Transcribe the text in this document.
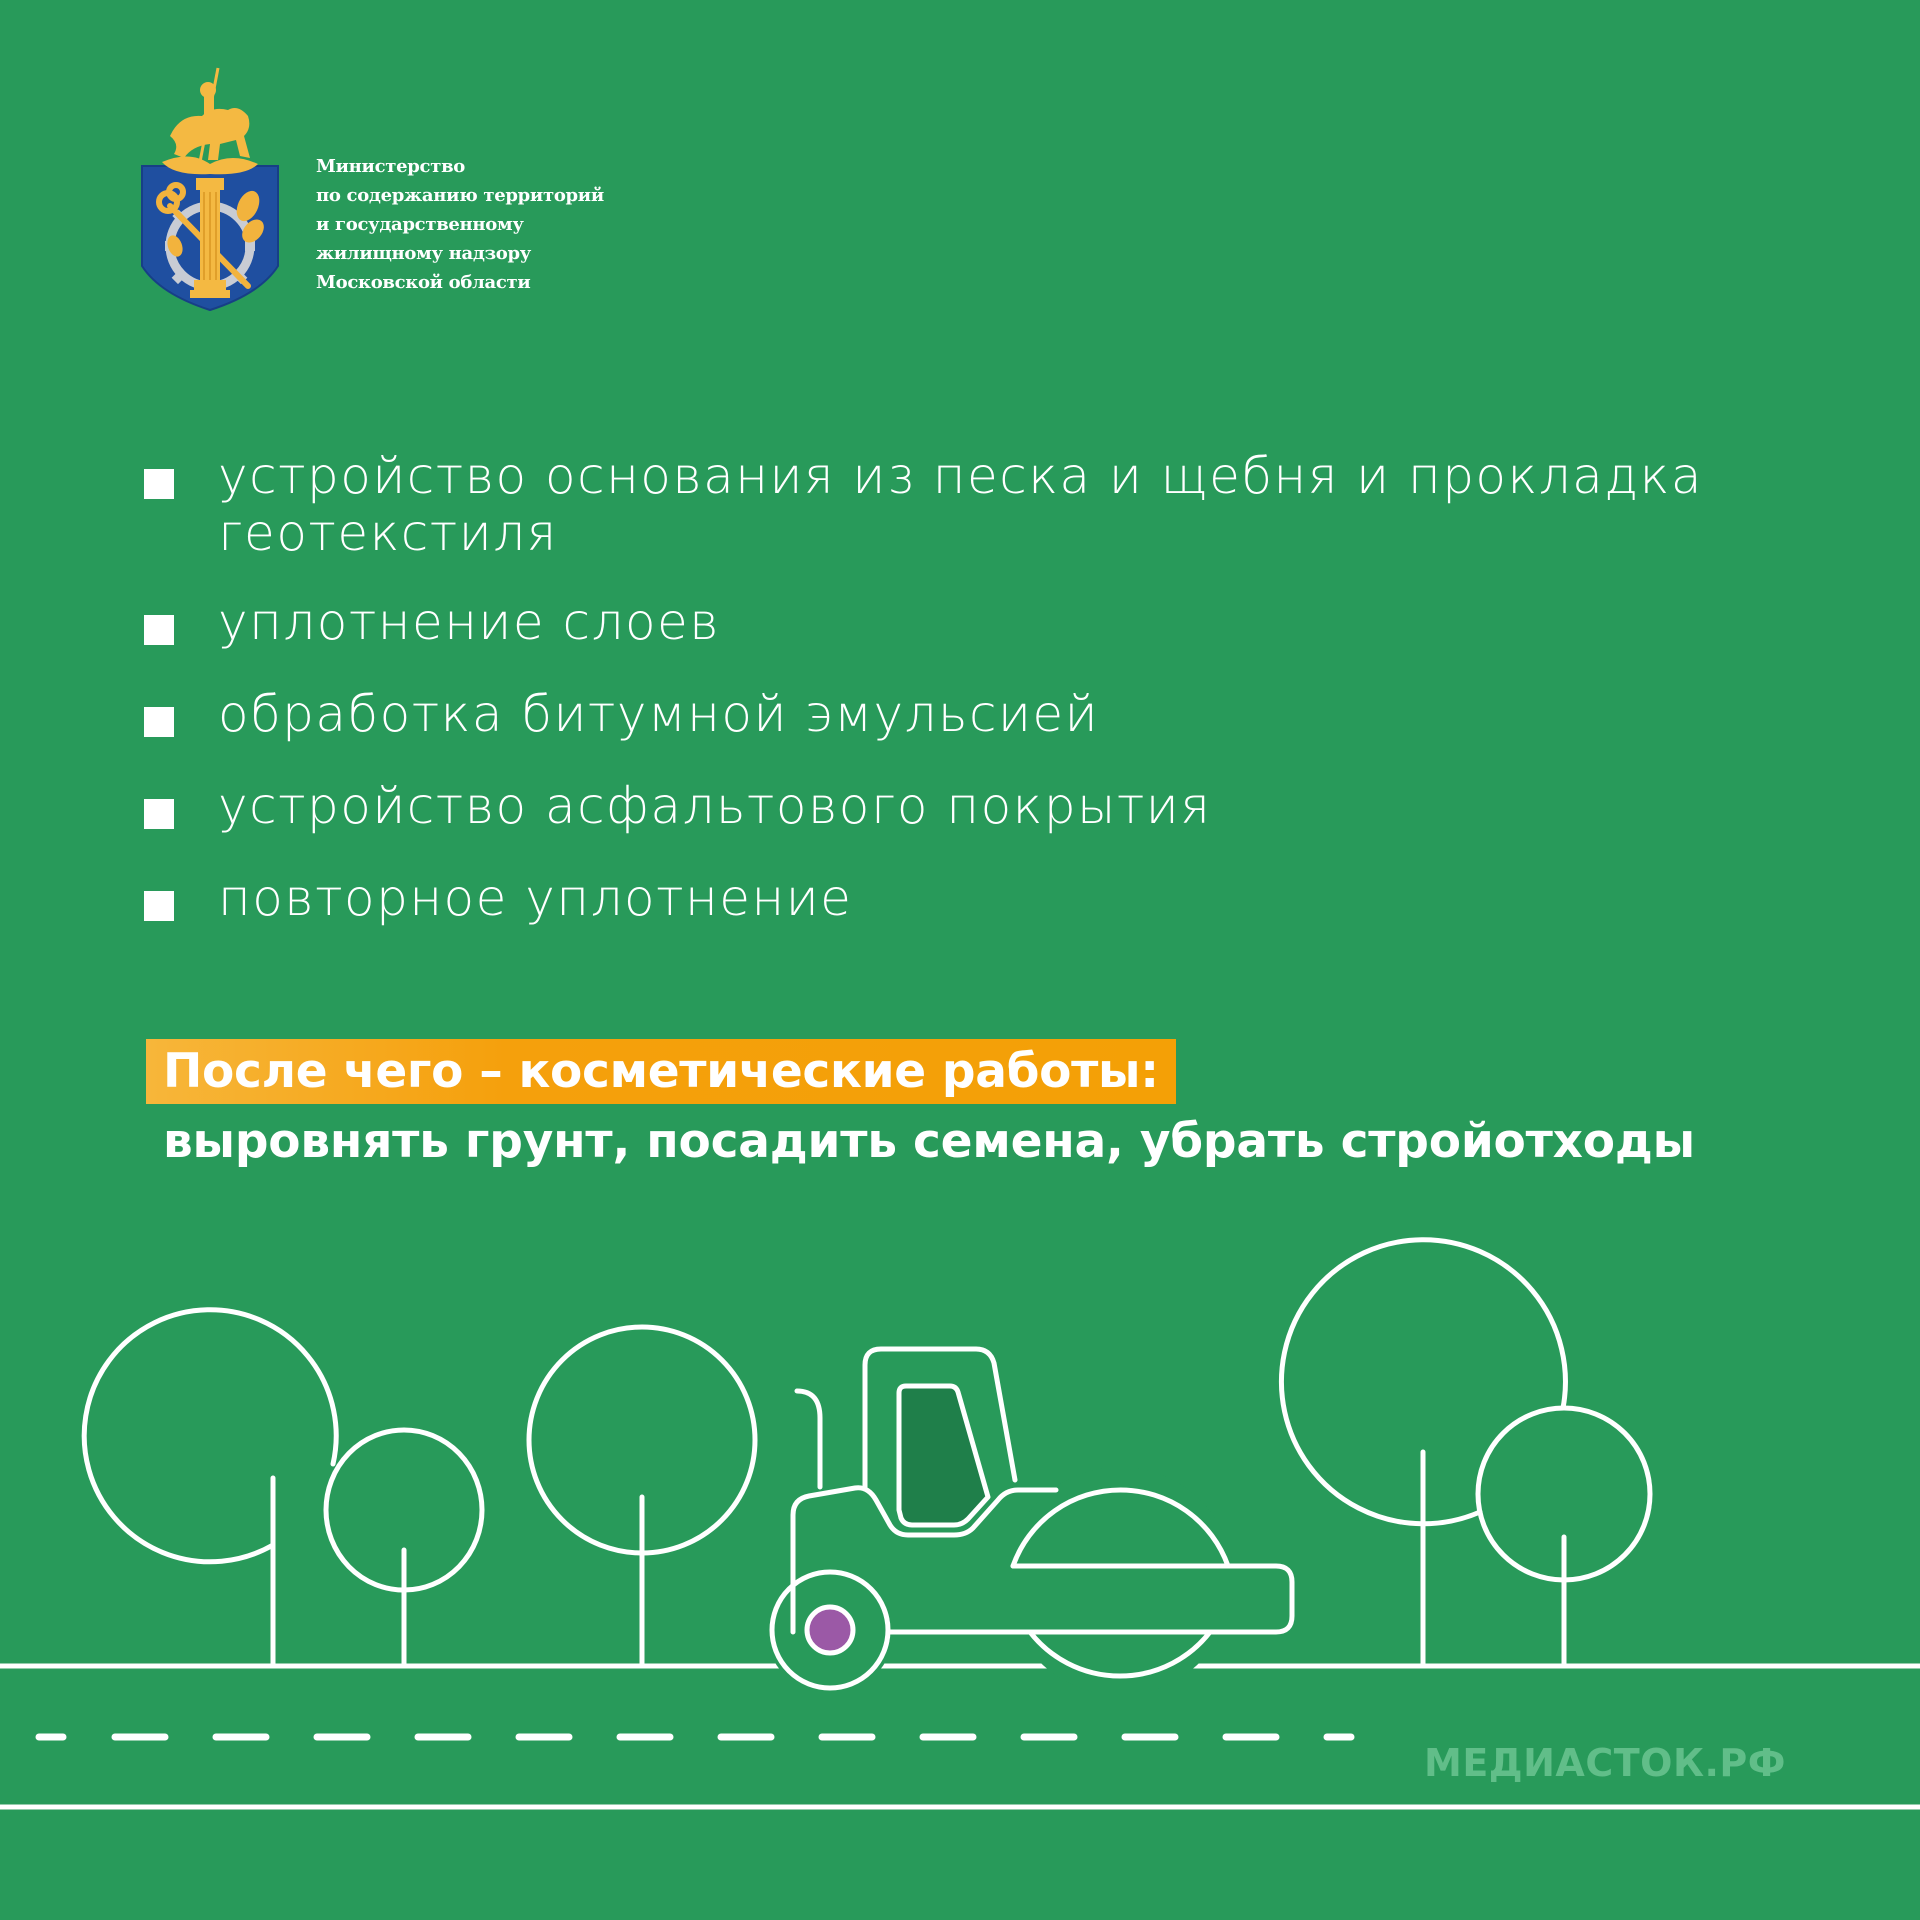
Министерство
по содержанию территорий
и государственному
жилищному надзору
Московской области
устройство основания из песка и щебня и прокладка
геотекстиля
уплотнение слоев
обработка битумной эмульсией
устройство асфальтового покрытия
повторное уплотнение
После чего – косметические работы:
выровнять грунт, посадить семена, убрать стройотходы
МЕДИАСТОК.РФ
